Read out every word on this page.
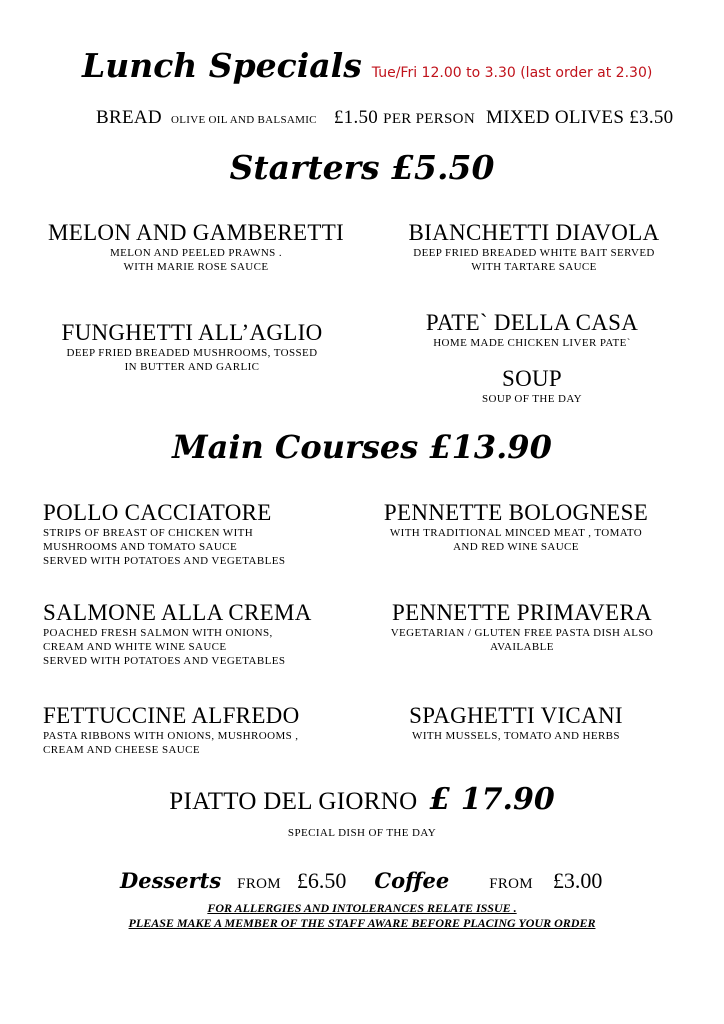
Lunch Specials Tue/Fri 12.00 to 3.30 (last order at 2.30)
BREAD OLIVE OIL AND BALSAMIC £1.50 PER PERSON MIXED OLIVES £3.50
Starters £5.50
MELON AND GAMBERETTI
MELON AND PEELED PRAWNS .
WITH MARIE ROSE SAUCE
BIANCHETTI DIAVOLA
DEEP FRIED BREADED WHITE BAIT SERVED
WITH TARTARE SAUCE
FUNGHETTI ALL’AGLIO
DEEP FRIED BREADED MUSHROOMS, TOSSED
IN BUTTER AND GARLIC
PATE` DELLA CASA
HOME MADE CHICKEN LIVER PATE`
SOUP
SOUP OF THE DAY
Main Courses £13.90
POLLO CACCIATORE
STRIPS OF BREAST OF CHICKEN WITH
MUSHROOMS AND TOMATO SAUCE
SERVED WITH POTATOES AND VEGETABLES
PENNETTE BOLOGNESE
WITH TRADITIONAL MINCED MEAT , TOMATO
AND RED WINE SAUCE
SALMONE ALLA CREMA
POACHED FRESH SALMON WITH ONIONS,
CREAM AND WHITE WINE SAUCE
SERVED WITH POTATOES AND VEGETABLES
PENNETTE PRIMAVERA
VEGETARIAN / GLUTEN FREE PASTA DISH ALSO
AVAILABLE
FETTUCCINE ALFREDO
PASTA RIBBONS WITH ONIONS, MUSHROOMS ,
CREAM AND CHEESE SAUCE
SPAGHETTI VICANI
WITH MUSSELS, TOMATO AND HERBS
PIATTO DEL GIORNO £ 17.90
SPECIAL DISH OF THE DAY
Desserts FROM £6.50 Coffee	FROM £3.00
FOR ALLERGIES AND INTOLERANCES RELATE ISSUE .
PLEASE MAKE A MEMBER OF THE STAFF AWARE BEFORE PLACING YOUR ORDER
